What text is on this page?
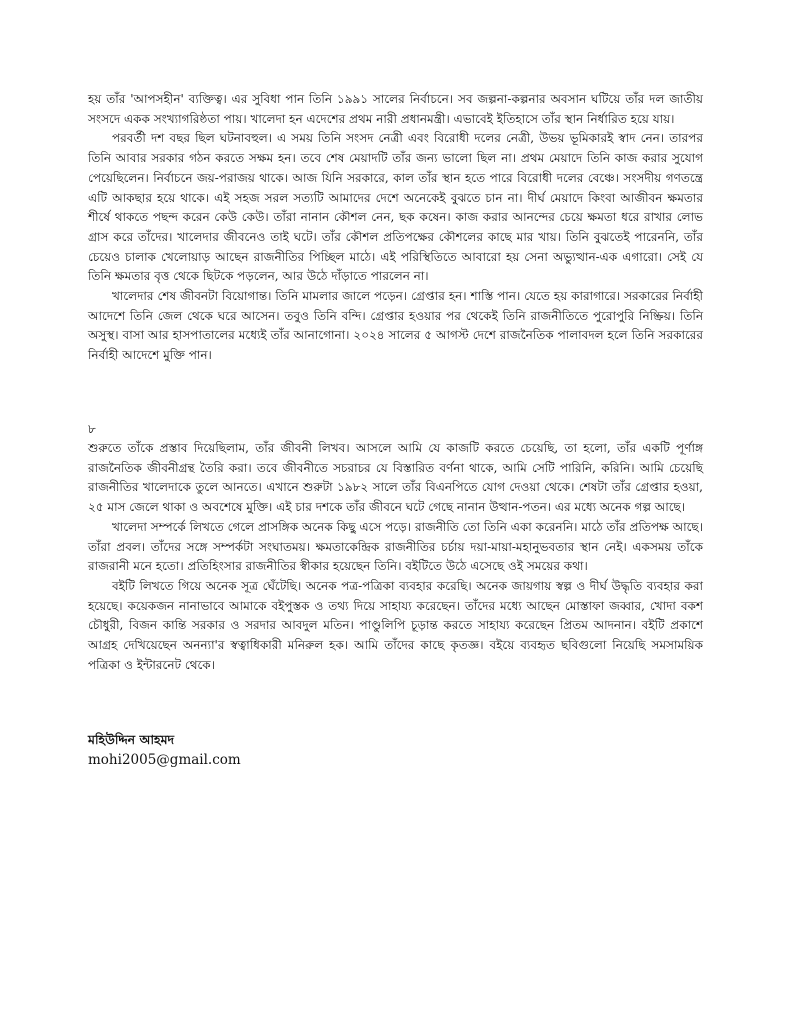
হয় তাঁর 'আপসহীন' ব্যক্তিত্ব। এর সুবিধা পান তিনি ১৯৯১ সালের নির্বাচনে। সব জল্পনা-কল্পনার অবসান ঘটিয়ে তাঁর দল জাতীয় সংসদে একক সংখ্যাগরিষ্ঠতা পায়। খালেদা হন এদেশের প্রথম নারী প্রধানমন্ত্রী। এভাবেই ইতিহাসে তাঁর স্থান নির্ধারিত হয়ে যায়।

পরবর্তী দশ বছর ছিল ঘটনাবহুল। এ সময় তিনি সংসদ নেত্রী এবং বিরোধী দলের নেত্রী, উভয় ভূমিকারই স্বাদ নেন। তারপর তিনি আবার সরকার গঠন করতে সক্ষম হন। তবে শেষ মেয়াদটি তাঁর জন্য ভালো ছিল না। প্রথম মেয়াদে তিনি কাজ করার সুযোগ পেয়েছিলেন। নির্বাচনে জয়-পরাজয় থাকে। আজ যিনি সরকারে, কাল তাঁর স্থান হতে পারে বিরোধী দলের বেঞ্চে। সংসদীয় গণতন্ত্রে এটি আকছার হয়ে থাকে। এই সহজ সরল সত্যটি আমাদের দেশে অনেকেই বুঝতে চান না। দীর্ঘ মেয়াদে কিংবা আজীবন ক্ষমতার শীর্ষে থাকতে পছন্দ করেন কেউ কেউ। তাঁরা নানান কৌশল নেন, ছক কষেন। কাজ করার আনন্দের চেয়ে ক্ষমতা ধরে রাখার লোভ গ্রাস করে তাঁদের। খালেদার জীবনেও তাই ঘটে। তাঁর কৌশল প্রতিপক্ষের কৌশলের কাছে মার খায়। তিনি বুঝতেই পারেননি, তাঁর চেয়েও চালাক খেলোয়াড় আছেন রাজনীতির পিচ্ছিল মাঠে। এই পরিস্থিতিতে আবারো হয় সেনা অভ্যুত্থান-এক এগারো। সেই যে তিনি ক্ষমতার বৃত্ত থেকে ছিটকে পড়লেন, আর উঠে দাঁড়াতে পারলেন না।

খালেদার শেষ জীবনটা বিয়োগান্ত। তিনি মামলার জালে পড়েন। গ্রেপ্তার হন। শাস্তি পান। যেতে হয় কারাগারে। সরকারের নির্বাহী আদেশে তিনি জেল থেকে ঘরে আসেন। তবুও তিনি বন্দি। গ্রেপ্তার হওয়ার পর থেকেই তিনি রাজনীতিতে পুরোপুরি নিষ্ক্রিয়। তিনি অসুস্থ। বাসা আর হাসপাতালের মধ্যেই তাঁর আনাগোনা। ২০২৪ সালের ৫ আগস্ট দেশে রাজনৈতিক পালাবদল হলে তিনি সরকারের নির্বাহী আদেশে মুক্তি পান।

৮

শুরুতে তাঁকে প্রস্তাব দিয়েছিলাম, তাঁর জীবনী লিখব। আসলে আমি যে কাজটি করতে চেয়েছি, তা হলো, তাঁর একটি পূর্ণাঙ্গ রাজনৈতিক জীবনীগ্রন্থ তৈরি করা। তবে জীবনীতে সচরাচর যে বিস্তারিত বর্ণনা থাকে, আমি সেটি পারিনি, করিনি। আমি চেয়েছি রাজনীতির খালেদাকে তুলে আনতে। এখানে শুরুটা ১৯৮২ সালে তাঁর বিএনপিতে যোগ দেওয়া থেকে। শেষটা তাঁর গ্রেপ্তার হওয়া, ২৫ মাস জেলে থাকা ও অবশেষে মুক্তি। এই চার দশকে তাঁর জীবনে ঘটে গেছে নানান উত্থান-পতন। এর মধ্যে অনেক গল্প আছে।

খালেদা সম্পর্কে লিখতে গেলে প্রাসঙ্গিক অনেক কিছু এসে পড়ে। রাজনীতি তো তিনি একা করেননি। মাঠে তাঁর প্রতিপক্ষ আছে। তাঁরা প্রবল। তাঁদের সঙ্গে সম্পর্কটা সংঘাতময়। ক্ষমতাকেন্দ্রিক রাজনীতির চর্চায় দয়া-মায়া-মহানুভবতার স্থান নেই। একসময় তাঁকে রাজরানী মনে হতো। প্রতিহিংসার রাজনীতির স্বীকার হয়েছেন তিনি। বইটিতে উঠে এসেছে ওই সময়ের কথা।

বইটি লিখতে গিয়ে অনেক সূত্র ঘেঁটেছি। অনেক পত্র-পত্রিকা ব্যবহার করেছি। অনেক জায়গায় স্বল্প ও দীর্ঘ উদ্ধৃতি ব্যবহার করা হয়েছে। কয়েকজন নানাভাবে আমাকে বইপুস্তক ও তথ্য দিয়ে সাহায্য করেছেন। তাঁদের মধ্যে আছেন মোস্তাফা জব্বার, খোদা বকশ চৌধুরী, বিজন কান্তি সরকার ও সরদার আবদুল মতিন। পাণ্ডুলিপি চূড়ান্ত করতে সাহায্য করেছেন প্রিতম আদনান। বইটি প্রকাশে আগ্রহ দেখিয়েছেন অনন্যা'র স্বত্বাধিকারী মনিরুল হক। আমি তাঁদের কাছে কৃতজ্ঞ। বইয়ে ব্যবহৃত ছবিগুলো নিয়েছি সমসাময়িক পত্রিকা ও ইন্টারনেট থেকে।

মহিউদ্দিন আহমদ

mohi2005@gmail.com
